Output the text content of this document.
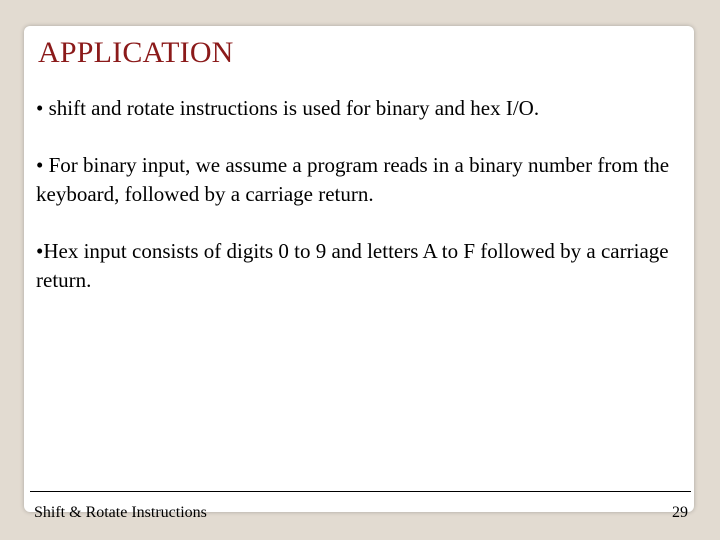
APPLICATION
• shift and rotate instructions is used for binary and hex I/O.
• For binary input, we assume a program reads in a binary number from the keyboard, followed by a carriage return.
•Hex input consists of digits 0 to 9 and letters A to F followed by a carriage return.
Shift & Rotate Instructions	29
